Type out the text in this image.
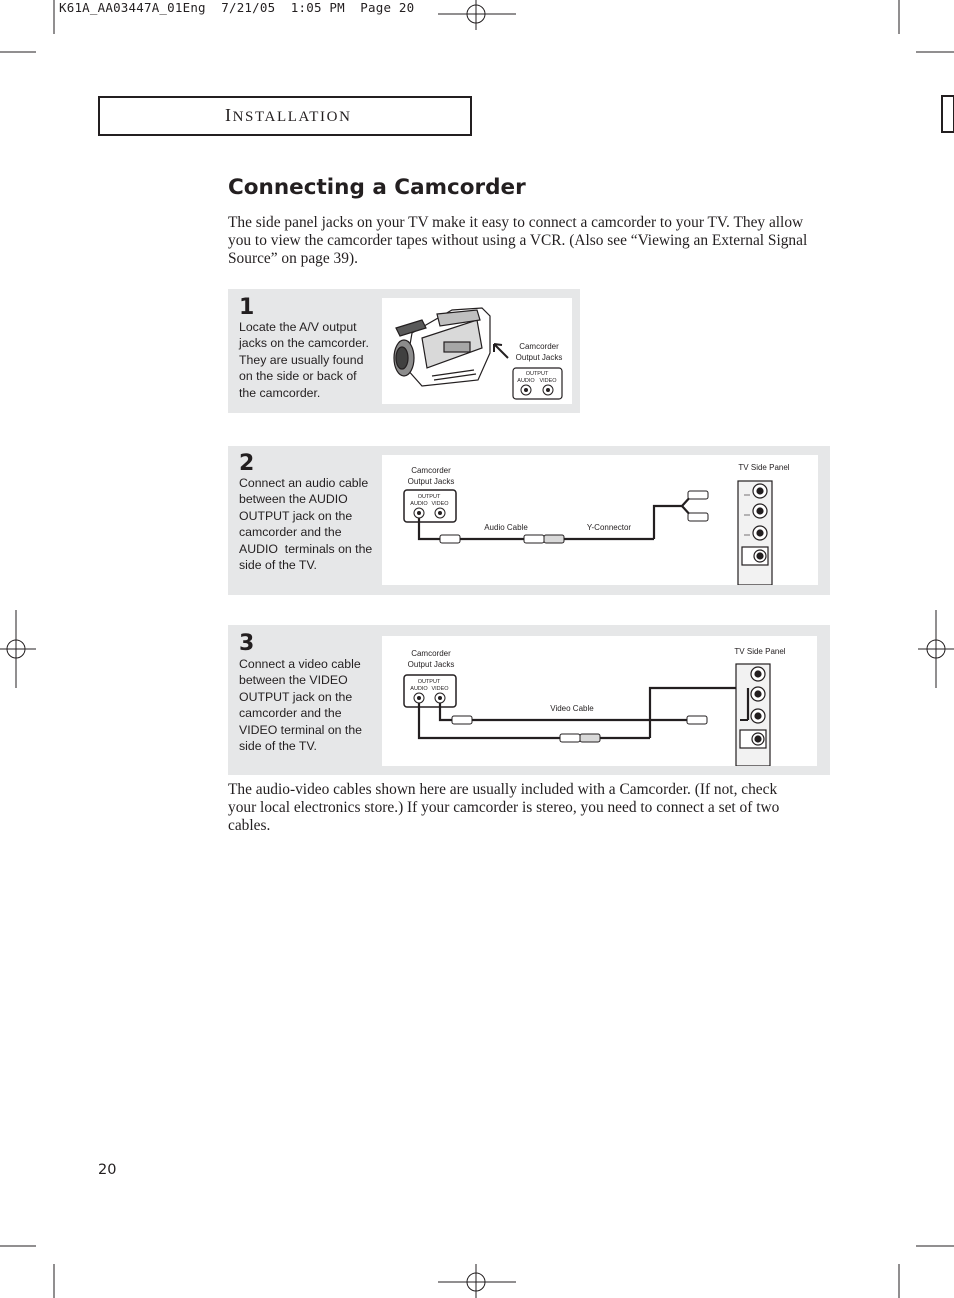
K61A_AA03447A_01Eng  7/21/05  1:05 PM  Page 20
INSTALLATION
Connecting a Camcorder
The side panel jacks on your TV make it easy to connect a camcorder to your TV. They allow
you to view the camcorder tapes without using a VCR. (Also see “Viewing an External Signal
Source” on page 39).
1
Locate the A/V output
jacks on the camcorder.
They are usually found
on the side or back of
the camcorder.
Camcorder
Output Jacks
OUTPUT
AUDIO VIDEO
2
Connect an audio cable
between the AUDIO
OUTPUT jack on the
camcorder and the
AUDIO  terminals on the
side of the TV.
Camcorder
Output Jacks
OUTPUT
AUDIO VIDEO
Audio Cable	Y-Connector
TV Side Panel
3
Connect a video cable
between the VIDEO
OUTPUT jack on the
camcorder and the
VIDEO terminal on the
side of the TV.
Camcorder
Output Jacks
OUTPUT
AUDIO VIDEO
Video Cable
TV Side Panel
The audio-video cables shown here are usually included with a Camcorder. (If not, check
your local electronics store.) If your camcorder is stereo, you need to connect a set of two
cables.
20
